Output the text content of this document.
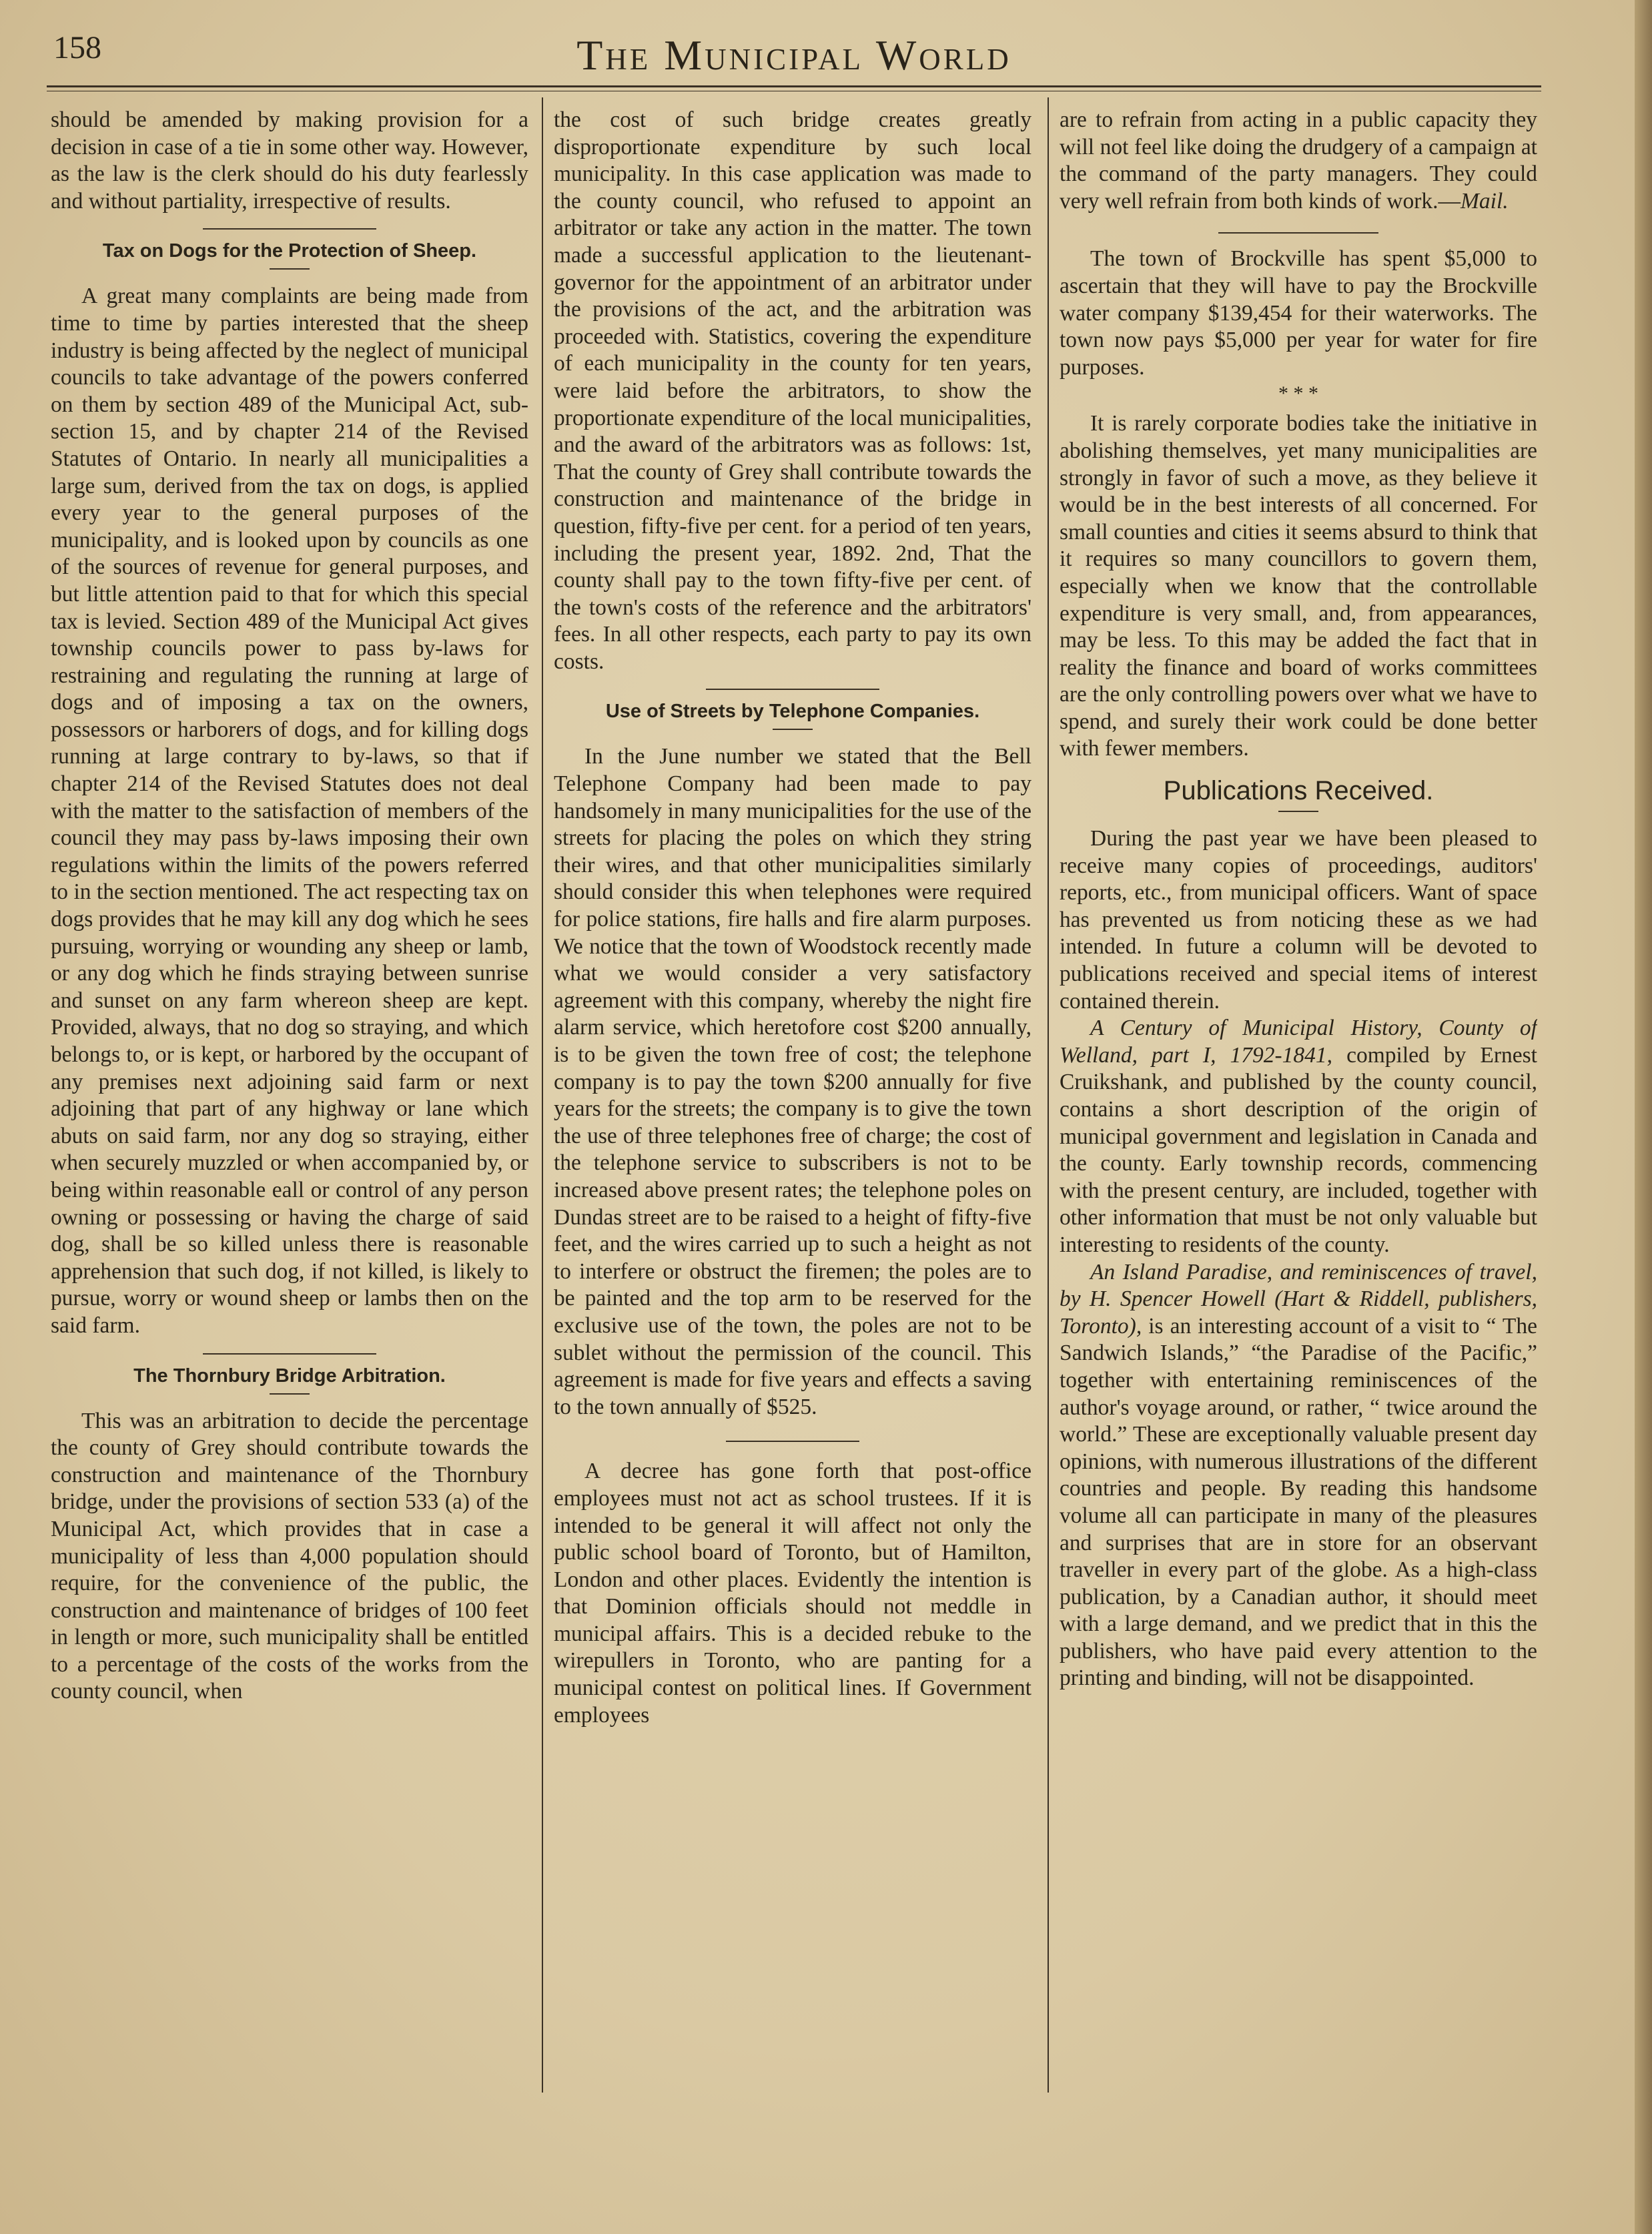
158	The Municipal World

should be amended by making provision for a decision in case of a tie in some other way. However, as the law is the clerk should do his duty fearlessly and without partiality, irrespective of results.

Tax on Dogs for the Protection of Sheep.

A great many complaints are being made from time to time by parties interested that the sheep industry is being affected by the neglect of municipal councils to take advantage of the powers conferred on them by section 489 of the Municipal Act, sub-section 15, and by chapter 214 of the Revised Statutes of Ontario. In nearly all municipalities a large sum, derived from the tax on dogs, is applied every year to the general purposes of the municipality, and is looked upon by councils as one of the sources of revenue for general purposes, and but little attention paid to that for which this special tax is levied. Section 489 of the Municipal Act gives township councils power to pass by-laws for restraining and regulating the running at large of dogs and of imposing a tax on the owners, possessors or harborers of dogs, and for killing dogs running at large contrary to by-laws, so that if chapter 214 of the Revised Statutes does not deal with the matter to the satisfaction of members of the council they may pass by-laws imposing their own regulations within the limits of the powers referred to in the section mentioned. The act respecting tax on dogs provides that he may kill any dog which he sees pursuing, worrying or wounding any sheep or lamb, or any dog which he finds straying between sunrise and sunset on any farm whereon sheep are kept. Provided, always, that no dog so straying, and which belongs to, or is kept, or harbored by the occupant of any premises next adjoining said farm or next adjoining that part of any highway or lane which abuts on said farm, nor any dog so straying, either when securely muzzled or when accompanied by, or being within reasonable eall or control of any person owning or possessing or having the charge of said dog, shall be so killed unless there is reasonable apprehension that such dog, if not killed, is likely to pursue, worry or wound sheep or lambs then on the said farm.

The Thornbury Bridge Arbitration.

This was an arbitration to decide the percentage the county of Grey should contribute towards the construction and maintenance of the Thornbury bridge, under the provisions of section 533 (a) of the Municipal Act, which provides that in case a municipality of less than 4,000 population should require, for the convenience of the public, the construction and maintenance of bridges of 100 feet in length or more, such municipality shall be entitled to a percentage of the costs of the works from the county council, when

the cost of such bridge creates greatly disproportionate expenditure by such local municipality. In this case application was made to the county council, who refused to appoint an arbitrator or take any action in the matter. The town made a successful application to the lieutenant-governor for the appointment of an arbitrator under the provisions of the act, and the arbitration was proceeded with. Statistics, covering the expenditure of each municipality in the county for ten years, were laid before the arbitrators, to show the proportionate expenditure of the local municipalities, and the award of the arbitrators was as follows: 1st, That the county of Grey shall contribute towards the construction and maintenance of the bridge in question, fifty-five per cent. for a period of ten years, including the present year, 1892. 2nd, That the county shall pay to the town fifty-five per cent. of the town's costs of the reference and the arbitrators' fees. In all other respects, each party to pay its own costs.

Use of Streets by Telephone Companies.

In the June number we stated that the Bell Telephone Company had been made to pay handsomely in many municipalities for the use of the streets for placing the poles on which they string their wires, and that other municipalities similarly should consider this when telephones were required for police stations, fire halls and fire alarm purposes. We notice that the town of Woodstock recently made what we would consider a very satisfactory agreement with this company, whereby the night fire alarm service, which heretofore cost $200 annually, is to be given the town free of cost; the telephone company is to pay the town $200 annually for five years for the streets; the company is to give the town the use of three telephones free of charge; the cost of the telephone service to subscribers is not to be increased above present rates; the telephone poles on Dundas street are to be raised to a height of fifty-five feet, and the wires carried up to such a height as not to interfere or obstruct the firemen; the poles are to be painted and the top arm to be reserved for the exclusive use of the town, the poles are not to be sublet without the permission of the council. This agreement is made for five years and effects a saving to the town annually of $525.

A decree has gone forth that post-office employees must not act as school trustees. If it is intended to be general it will affect not only the public school board of Toronto, but of Hamilton, London and other places. Evidently the intention is that Dominion officials should not meddle in municipal affairs. This is a decided rebuke to the wirepullers in Toronto, who are panting for a municipal contest on political lines. If Government employees

are to refrain from acting in a public capacity they will not feel like doing the drudgery of a campaign at the command of the party managers. They could very well refrain from both kinds of work.—Mail.

The town of Brockville has spent $5,000 to ascertain that they will have to pay the Brockville water company $139,454 for their waterworks. The town now pays $5,000 per year for water for fire purposes.

* * *

It is rarely corporate bodies take the initiative in abolishing themselves, yet many municipalities are strongly in favor of such a move, as they believe it would be in the best interests of all concerned. For small counties and cities it seems absurd to think that it requires so many councillors to govern them, especially when we know that the controllable expenditure is very small, and, from appearances, may be less. To this may be added the fact that in reality the finance and board of works committees are the only controlling powers over what we have to spend, and surely their work could be done better with fewer members.

Publications Received.

During the past year we have been pleased to receive many copies of proceedings, auditors' reports, etc., from municipal officers. Want of space has prevented us from noticing these as we had intended. In future a column will be devoted to publications received and special items of interest contained therein.

A Century of Municipal History, County of Welland, part I, 1792-1841, compiled by Ernest Cruikshank, and published by the county council, contains a short description of the origin of municipal government and legislation in Canada and the county. Early township records, commencing with the present century, are included, together with other information that must be not only valuable but interesting to residents of the county.

An Island Paradise, and reminiscences of travel, by H. Spencer Howell (Hart & Riddell, publishers, Toronto), is an interesting account of a visit to “ The Sandwich Islands,” “the Paradise of the Pacific,” together with entertaining reminiscences of the author's voyage around, or rather, “ twice around the world.” These are exceptionally valuable present day opinions, with numerous illustrations of the different countries and people. By reading this handsome volume all can participate in many of the pleasures and surprises that are in store for an observant traveller in every part of the globe. As a high-class publication, by a Canadian author, it should meet with a large demand, and we predict that in this the publishers, who have paid every attention to the printing and binding, will not be disappointed.
